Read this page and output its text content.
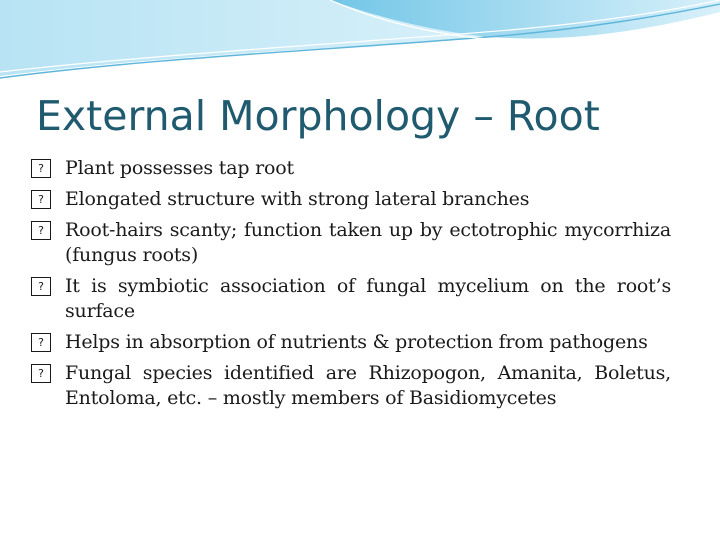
External Morphology – Root
?	Plant possesses tap root
?	Elongated structure with strong lateral branches
?	Root-hairs scanty; function taken up by ectotrophic mycorrhiza (fungus roots)
?	It is symbiotic association of fungal mycelium on the root’s surface
?	Helps in absorption of nutrients & protection from pathogens
?	Fungal species identified are Rhizopogon, Amanita, Boletus, Entoloma, etc. – mostly members of Basidiomycetes
